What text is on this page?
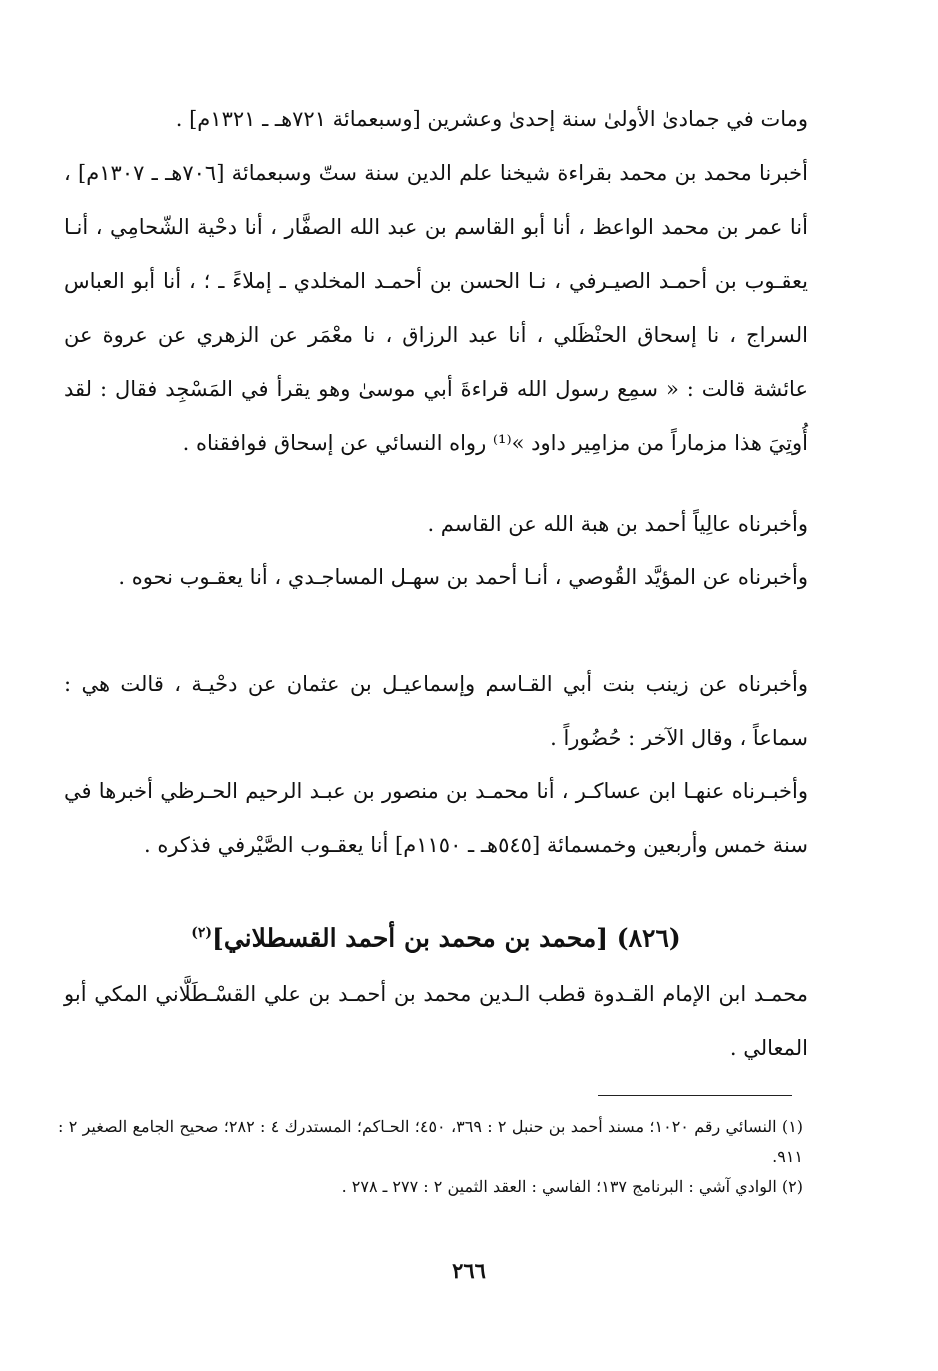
ومات في جمادىٰ الأولىٰ سنة إحدىٰ وعشرين [وسبعمائة ٧٢١هـ ـ ١٣٢١م] .

أخبرنا محمد بن محمد بقراءة شيخنا علم الدين سنة ستّ وسبعمائة [٧٠٦هـ ـ ١٣٠٧م] ، أنا عمر بن محمد الواعظ ، أنا أبو القاسم بن عبد الله الصفَّار ، أنا دحْية الشّحامِي ، أنـا يعقـوب بن أحمـد الصيـرفي ، نـا الحسن بن أحمـد المخلدي ـ إملاءً ـ ؛ ، أنا أبو العباس السراج ، نا إسحاق الحنْظَلي ، أنا عبد الرزاق ، نا معْمَر عن الزهري عن عروة عن عائشة قالت : « سمِع رسول الله قراءةَ أبي موسىٰ وهو يقرأ في المَسْجِد فقال : لقد أُوتِيَ هذا مزماراً من مزامِير داود »⁽¹⁾ رواه النسائي عن إسحاق فوافقناه .

وأخبرناه عالِياً أحمد بن هبة الله عن القاسم .

وأخبرناه عن المؤيَّد القُوصي ، أنـا أحمد بن سهـل المساجـدي ، أنا يعقـوب نحوه .

وأخبرناه عن زينب بنت أبي القـاسم وإسماعيـل بن عثمان عن دحْيـة ، قالت هي : سماعاً ، وقال الآخر : حُضُوراً .

وأخبـرناه عنهـا ابن عساكـر ، أنا محمـد بن منصور بن عبـد الرحيم الحـرظي أخبرها في سنة خمس وأربعين وخمسمائة [٥٤٥هـ ـ ١١٥٠م] أنا يعقـوب الصَّيْرفي فذكره .

(٨٢٦) [محمد بن محمد بن أحمد القسطلاني]$^{(٢)}$

محمـد ابن الإمام القـدوة قطب الـدين محمد بن أحمـد بن علي القسْـطَلَّاني المكي أبو المعالي .

(١) النسائي رقم ١٠٢٠؛ مسند أحمد بن حنبل ٢ : ٣٦٩، ٤٥٠؛ الحـاكم؛ المستدرك ٤ : ٢٨٢؛ صحيح الجامع الصغير ٢ : ٩١١.

(٢) الوادي آشي : البرنامج ١٣٧؛ الفاسي : العقد الثمين ٢ : ٢٧٧ ـ ٢٧٨ .

٢٦٦
